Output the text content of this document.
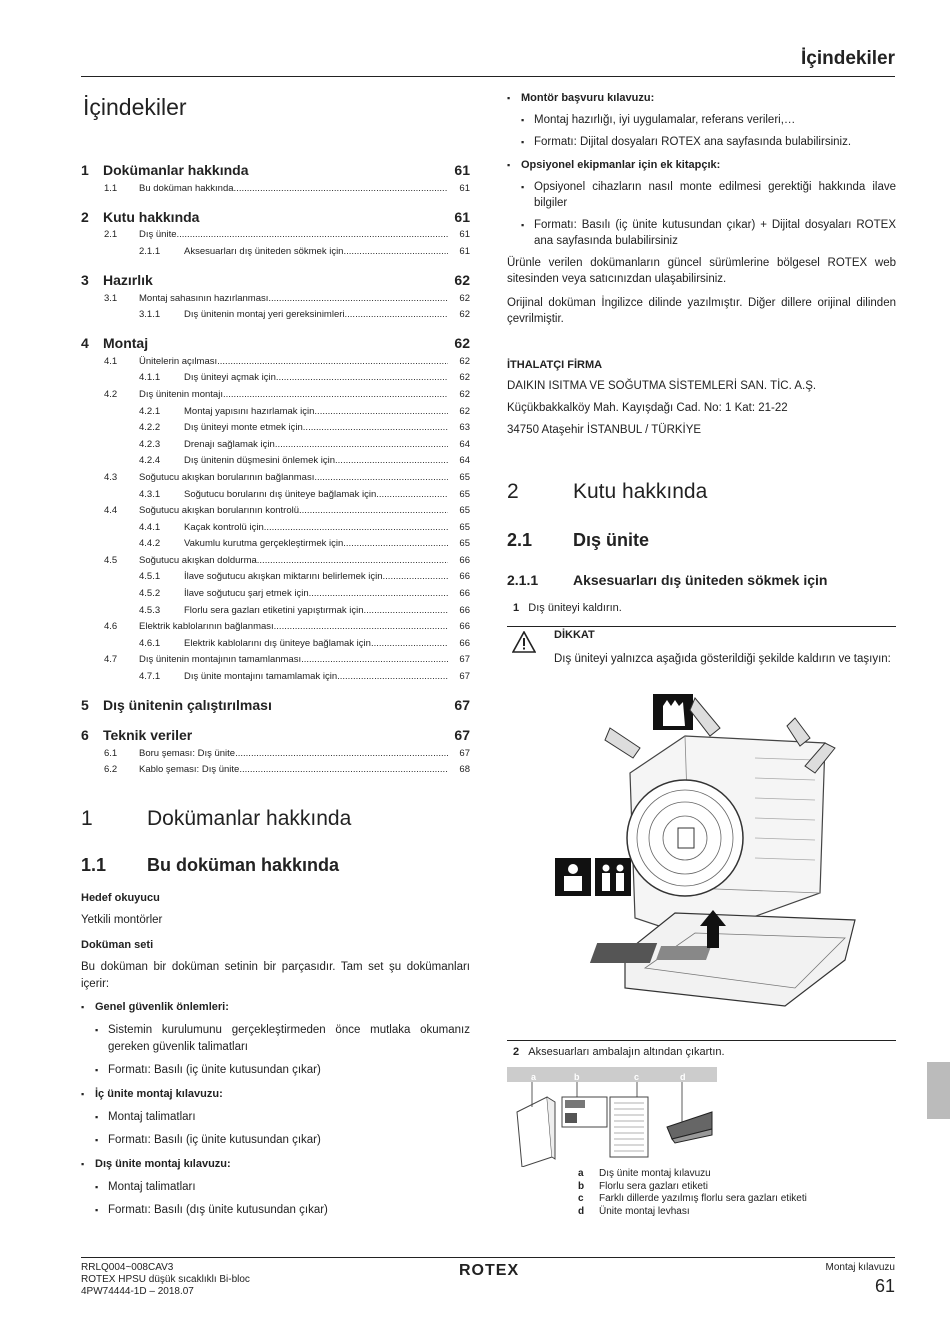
İçindekiler
İçindekiler
1	Dokümanlar hakkında	61
1.1	Bu doküman hakkında .....	61
2	Kutu hakkında	61
2.1	Dış ünite .....	61
2.1.1	Aksesuarları dış üniteden sökmek için .....	61
3	Hazırlık	62
3.1	Montaj sahasının hazırlanması .....	62
3.1.1	Dış ünitenin montaj yeri gereksinimleri .....	62
4	Montaj	62
4.1	Ünitelerin açılması .....	62
4.1.1	Dış üniteyi açmak için .....	62
4.2	Dış ünitenin montajı .....	62
4.2.1	Montaj yapısını hazırlamak için .....	62
4.2.2	Dış üniteyi monte etmek için .....	63
4.2.3	Drenajı sağlamak için .....	64
4.2.4	Dış ünitenin düşmesini önlemek için .....	64
4.3	Soğutucu akışkan borularının bağlanması .....	65
4.3.1	Soğutucu borularını dış üniteye bağlamak için .....	65
4.4	Soğutucu akışkan borularının kontrolü .....	65
4.4.1	Kaçak kontrolü için .....	65
4.4.2	Vakumlu kurutma gerçekleştirmek için .....	65
4.5	Soğutucu akışkan doldurma .....	66
4.5.1	İlave soğutucu akışkan miktarını belirlemek için .....	66
4.5.2	İlave soğutucu şarj etmek için .....	66
4.5.3	Florlu sera gazları etiketini yapıştırmak için .....	66
4.6	Elektrik kablolarının bağlanması .....	66
4.6.1	Elektrik kablolarını dış üniteye bağlamak için .....	66
4.7	Dış ünitenin montajının tamamlanması .....	67
4.7.1	Dış ünite montajını tamamlamak için .....	67
5	Dış ünitenin çalıştırılması	67
6	Teknik veriler	67
6.1	Boru şeması: Dış ünite .....	67
6.2	Kablo şeması: Dış ünite .....	68
1	Dokümanlar hakkında
1.1 Bu doküman hakkında

Hedef okuyucu

Yetkili montörler

Doküman seti

Bu doküman bir doküman setinin bir parçasıdır. Tam set şu dokümanları içerir:

▪ Genel güvenlik önlemleri:
▪ Sistemin kurulumunu gerçekleştirmeden önce mutlaka okumanız gereken güvenlik talimatları
▪ Formatı: Basılı (iç ünite kutusundan çıkar)
▪ İç ünite montaj kılavuzu:
▪ Montaj talimatları
▪ Formatı: Basılı (iç ünite kutusundan çıkar)
▪ Dış ünite montaj kılavuzu:
▪ Montaj talimatları
▪ Formatı: Basılı (dış ünite kutusundan çıkar)
▪ Montör başvuru kılavuzu:
▪ Montaj hazırlığı, iyi uygulamalar, referans verileri,…
▪ Formatı: Dijital dosyaları ROTEX ana sayfasında bulabilirsiniz.
▪ Opsiyonel ekipmanlar için ek kitapçık:
▪ Opsiyonel cihazların nasıl monte edilmesi gerektiği hakkında ilave bilgiler
▪ Formatı: Basılı (iç ünite kutusundan çıkar) + Dijital dosyaları ROTEX ana sayfasında bulabilirsiniz

Ürünle verilen dokümanların güncel sürümlerine bölgesel ROTEX web sitesinden veya satıcınızdan ulaşabilirsiniz.

Orijinal doküman İngilizce dilinde yazılmıştır. Diğer dillere orijinal dilinden çevrilmiştir.

İTHALATÇI FİRMA

DAIKIN ISITMA VE SOĞUTMA SİSTEMLERİ SAN. TİC. A.Ş.
Küçükbakkalköy Mah. Kayışdağı Cad. No: 1 Kat: 21-22
34750 Ataşehir İSTANBUL / TÜRKİYE
2	Kutu hakkında
2.1 Dış ünite
2.1.1 Aksesuarları dış üniteden sökmek için
1 Dış üniteyi kaldırın.
DİKKAT
Dış üniteyi yalnızca aşağıda gösterildiği şekilde kaldırın ve taşıyın:
2 Aksesuarları ambalajın altından çıkartın.
a Dış ünite montaj kılavuzu
b Florlu sera gazları etiketi
c Farklı dillerde yazılmış florlu sera gazları etiketi
d Ünite montaj levhası
RRLQ004~008CAV3
ROTEX HPSU düşük sıcaklıklı Bi-bloc
4PW74444-1D – 2018.07
ROTEX	Montaj kılavuzu
61
a	b	c	d
